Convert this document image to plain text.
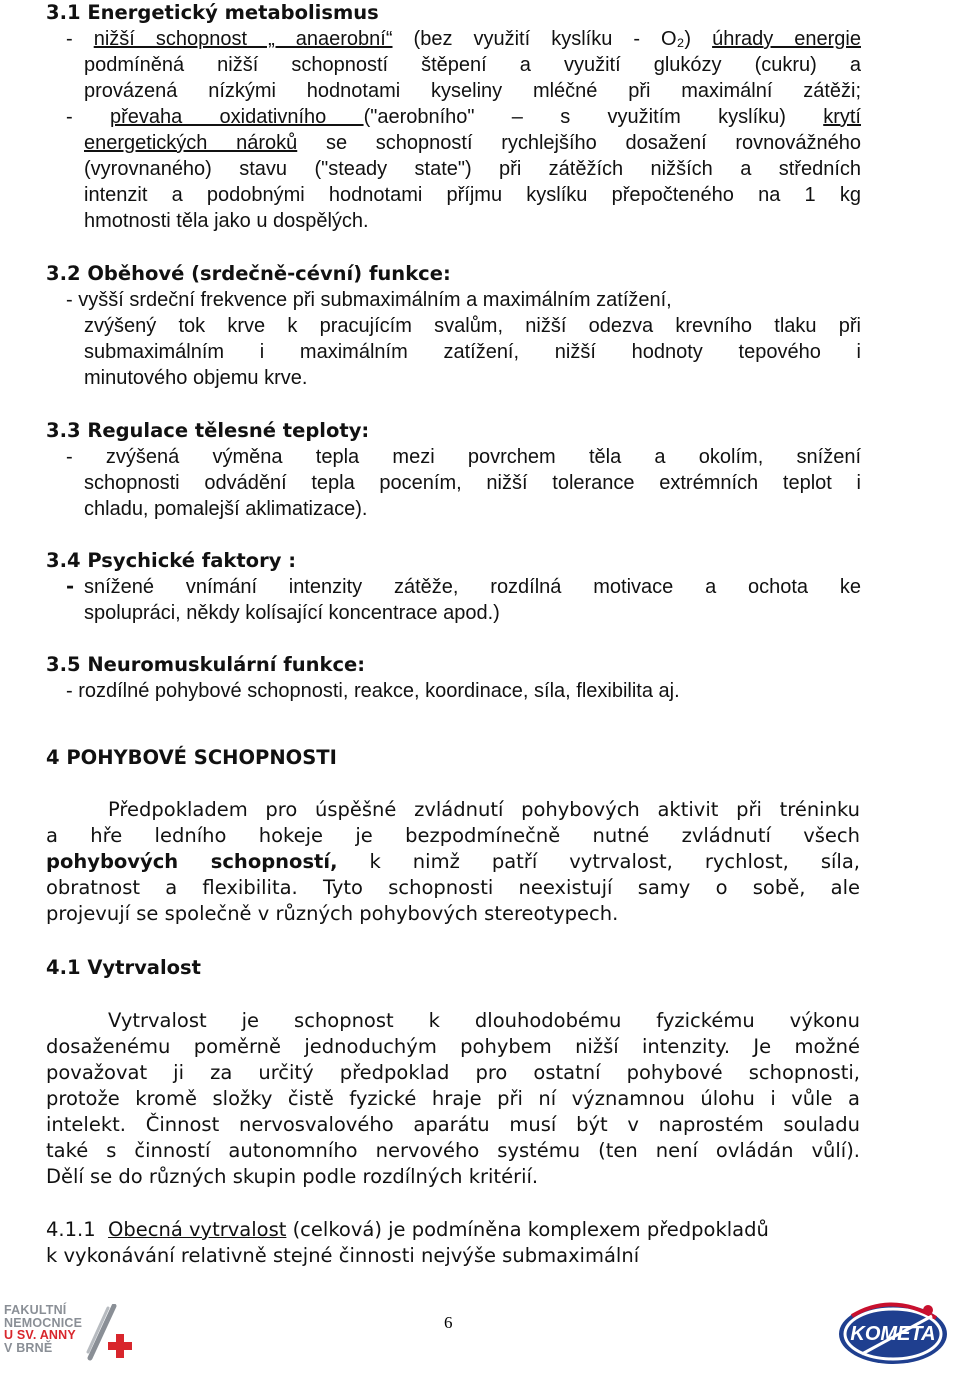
3.1 Energetický metabolismus
- nižší schopnost „ anaerobní“ (bez využití kyslíku - O₂) úhrady energie
podmíněná nižší schopností štěpení a využití glukózy (cukru) a
provázená nízkými hodnotami kyseliny mléčné při maximální zátěži;
- převaha oxidativního ("aerobního" – s využitím kyslíku) krytí
energetických nároků se schopností rychlejšího dosažení rovnovážného
(vyrovnaného) stavu ("steady state") při zátěžích nižších a středních
intenzit a podobnými hodnotami příjmu kyslíku přepočteného na 1 kg
hmotnosti těla jako u dospělých.
3.2 Oběhové (srdečně-cévní) funkce:
- vyšší srdeční frekvence při submaximálním a maximálním zatížení,
zvýšený tok krve k pracujícím svalům, nižší odezva krevního tlaku při
submaximálním i maximálním zatížení, nižší hodnoty tepového i
minutového objemu krve.
3.3 Regulace tělesné teploty:
- zvýšená výměna tepla mezi povrchem těla a okolím, snížení
schopnosti odvádění tepla pocením, nižší tolerance extrémních teplot i
chladu, pomalejší aklimatizace).
3.4 Psychické faktory :
- snížené vnímání intenzity zátěže, rozdílná motivace a ochota ke
spolupráci, někdy kolísající koncentrace apod.)
3.5 Neuromuskulární funkce:
- rozdílné pohybové schopnosti, reakce, koordinace, síla, flexibilita aj.
4 POHYBOVÉ SCHOPNOSTI
Předpokladem pro úspěšné zvládnutí pohybových aktivit při tréninku
a hře ledního hokeje je bezpodmínečně nutné zvládnutí všech
pohybových schopností, k nimž patří vytrvalost, rychlost, síla,
obratnost a flexibilita. Tyto schopnosti neexistují samy o sobě, ale
projevují se společně v různých pohybových stereotypech.
4.1 Vytrvalost
Vytrvalost je schopnost k dlouhodobému fyzickému výkonu
dosaženému poměrně jednoduchým pohybem nižší intenzity. Je možné
považovat ji za určitý předpoklad pro ostatní pohybové schopnosti,
protože kromě složky čistě fyzické hraje při ní významnou úlohu i vůle a
intelekt. Činnost nervosvalového aparátu musí být v naprostém souladu
také s činností autonomního nervového systému (ten není ovládán vůlí).
Dělí se do různých skupin podle rozdílných kritérií.
4.1.1 Obecná vytrvalost (celková) je podmíněna komplexem předpokladů
k vykonávání relativně stejné činnosti nejvýše submaximální
FAKULTNÍ
NEMOCNICE
U SV. ANNY
V BRNĚ
6
KOMETA
